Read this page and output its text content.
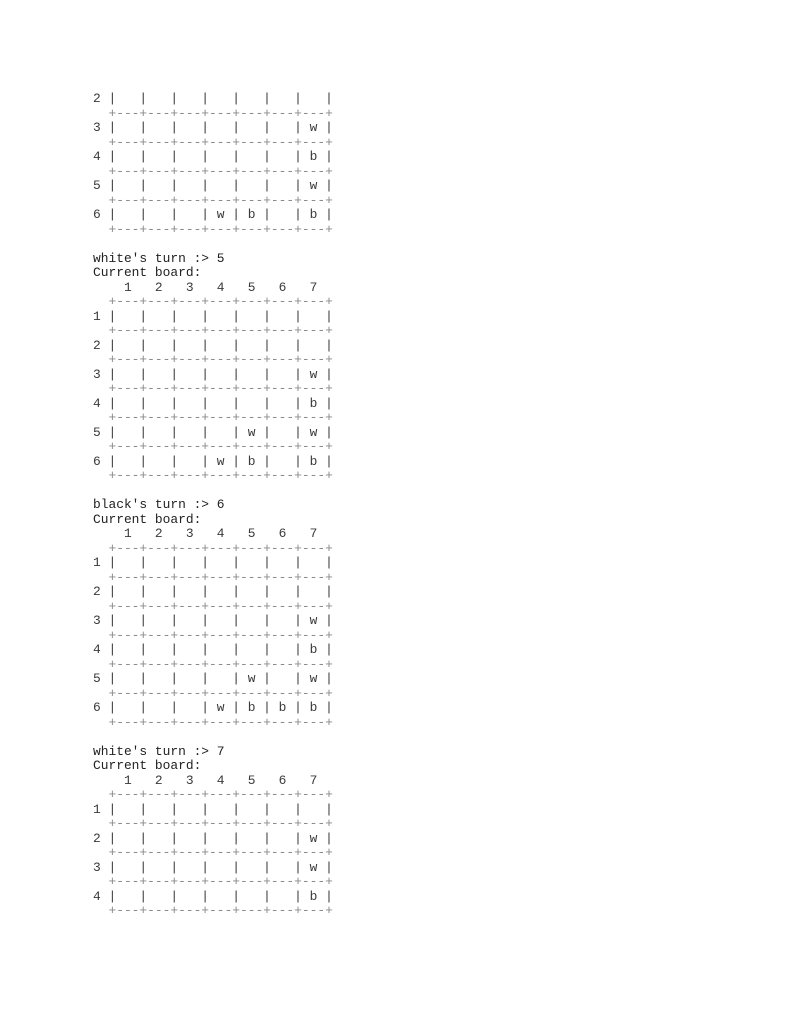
2 |   |   |   |   |   |   |   |
+---+---+---+---+---+---+---+
3 |   |   |   |   |   |   | w |
+---+---+---+---+---+---+---+
4 |   |   |   |   |   |   | b |
+---+---+---+---+---+---+---+
5 |   |   |   |   |   |   | w |
+---+---+---+---+---+---+---+
6 |   |   |   | w | b |   | b |
+---+---+---+---+---+---+---+
white's turn :> 5
Current board:
1   2   3   4   5   6   7
+---+---+---+---+---+---+---+
1 |   |   |   |   |   |   |   |
+---+---+---+---+---+---+---+
2 |   |   |   |   |   |   |   |
+---+---+---+---+---+---+---+
3 |   |   |   |   |   |   | w |
+---+---+---+---+---+---+---+
4 |   |   |   |   |   |   | b |
+---+---+---+---+---+---+---+
5 |   |   |   |   | w |   | w |
+---+---+---+---+---+---+---+
6 |   |   |   | w | b |   | b |
+---+---+---+---+---+---+---+
black's turn :> 6
Current board:
1   2   3   4   5   6   7
+---+---+---+---+---+---+---+
1 |   |   |   |   |   |   |   |
+---+---+---+---+---+---+---+
2 |   |   |   |   |   |   |   |
+---+---+---+---+---+---+---+
3 |   |   |   |   |   |   | w |
+---+---+---+---+---+---+---+
4 |   |   |   |   |   |   | b |
+---+---+---+---+---+---+---+
5 |   |   |   |   | w |   | w |
+---+---+---+---+---+---+---+
6 |   |   |   | w | b | b | b |
+---+---+---+---+---+---+---+
white's turn :> 7
Current board:
1   2   3   4   5   6   7
+---+---+---+---+---+---+---+
1 |   |   |   |   |   |   |   |
+---+---+---+---+---+---+---+
2 |   |   |   |   |   |   | w |
+---+---+---+---+---+---+---+
3 |   |   |   |   |   |   | w |
+---+---+---+---+---+---+---+
4 |   |   |   |   |   |   | b |
+---+---+---+---+---+---+---+
